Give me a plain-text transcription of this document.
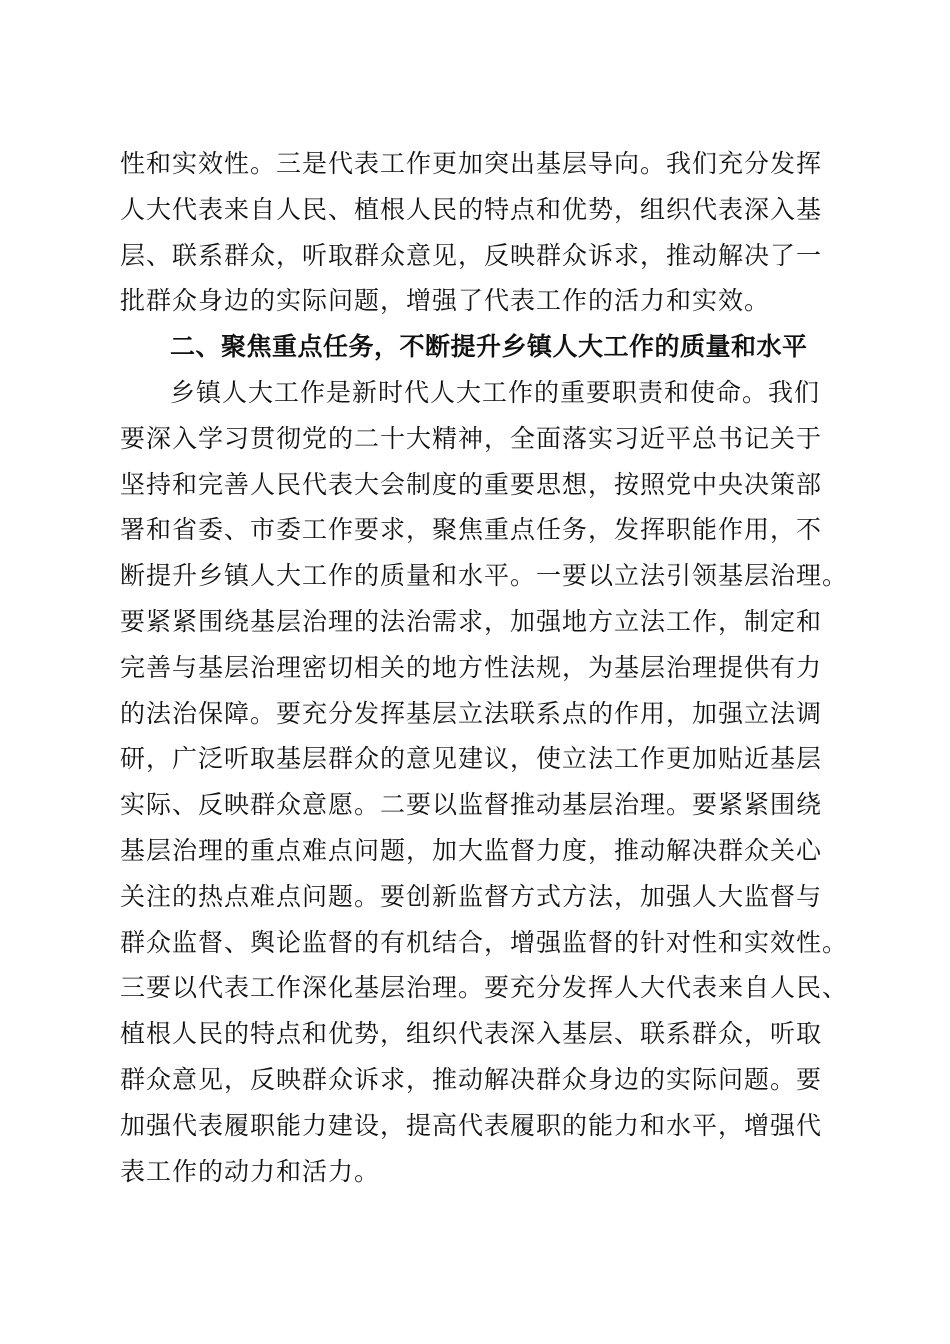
性和实效性。三是代表工作更加突出基层导向。我们充分发挥
人大代表来自人民、植根人民的特点和优势，组织代表深入基
层、联系群众，听取群众意见，反映群众诉求，推动解决了一
批群众身边的实际问题，增强了代表工作的活力和实效。
二、聚焦重点任务，不断提升乡镇人大工作的质量和水平
乡镇人大工作是新时代人大工作的重要职责和使命。我们
要深入学习贯彻党的二十大精神，全面落实习近平总书记关于
坚持和完善人民代表大会制度的重要思想，按照党中央决策部
署和省委、市委工作要求，聚焦重点任务，发挥职能作用，不
断提升乡镇人大工作的质量和水平。一要以立法引领基层治理。
要紧紧围绕基层治理的法治需求，加强地方立法工作，制定和
完善与基层治理密切相关的地方性法规，为基层治理提供有力
的法治保障。要充分发挥基层立法联系点的作用，加强立法调
研，广泛听取基层群众的意见建议，使立法工作更加贴近基层
实际、反映群众意愿。二要以监督推动基层治理。要紧紧围绕
基层治理的重点难点问题，加大监督力度，推动解决群众关心
关注的热点难点问题。要创新监督方式方法，加强人大监督与
群众监督、舆论监督的有机结合，增强监督的针对性和实效性。
三要以代表工作深化基层治理。要充分发挥人大代表来自人民、
植根人民的特点和优势，组织代表深入基层、联系群众，听取
群众意见，反映群众诉求，推动解决群众身边的实际问题。要
加强代表履职能力建设，提高代表履职的能力和水平，增强代
表工作的动力和活力。
